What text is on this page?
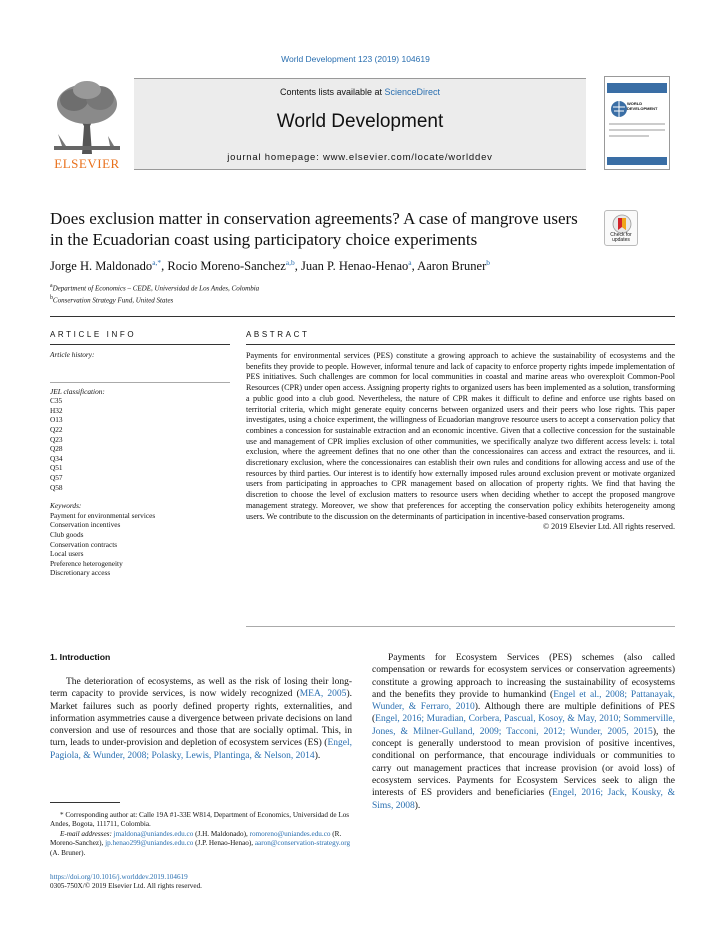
World Development 123 (2019) 104619
ELSEVIER
Contents lists available at ScienceDirect
World Development
journal homepage: www.elsevier.com/locate/worlddev
WORLD DEVELOPMENT
Does exclusion matter in conservation agreements? A case of mangrove users in the Ecuadorian coast using participatory choice experiments	Check for updates
Jorge H. Maldonado$^{a,*}$, Rocio Moreno-Sanchez$^{a,b}$, Juan P. Henao-Henao$^a$, Aaron Bruner$^b$
$^a$Department of Economics – CEDE, Universidad de Los Andes, Colombia
$^b$Conservation Strategy Fund, United States
ARTICLE INFO	ABSTRACT
Article history:
JEL classification:
C35
H32
O13
Q22
Q23
Q28
Q34
Q51
Q57
Q58
Keywords:
Payment for environmental services
Conservation incentives
Club goods
Conservation contracts
Local users
Preference heterogeneity
Discretionary access

Payments for environmental services (PES) constitute a growing approach to achieve the sustainability of ecosystems and the benefits they provide to people. However, informal tenure and lack of capacity to enforce property rights impede implementation of PES initiatives. Such challenges are common for local communities in coastal and marine areas who overexploit Common-Pool Resources (CPR) under open access. Assigning property rights to organized users has been implemented as a solution, transforming a public good into a club good. Nevertheless, the nature of CPR makes it difficult to define and enforce use rights based on territorial criteria, which might generate equity concerns between organized users and their peers who lose rights. This paper investigates, using a choice experiment, the willingness of Ecuadorian mangrove resource users to accept a conservation policy that combines a concession for sustainable extraction and an economic incentive. Given that a collective concession for the sustainable use and management of CPR implies exclusion of other communities, we specifically analyze two different access levels: i. total exclusion, where the agreement defines that no one other than the concessionaires can access and extract the resources, and ii. discretionary exclusion, where the concessionaires can establish their own rules and conditions for allowing access and use of the resources by third parties. Our interest is to identify how externally imposed rules around exclusion prevent or motivate organized users from participating in approaches to CPR management based on allocation of property rights. We find that having the discretion to choose the level of exclusion matters to resource users when deciding whether to accept the proposed mangrove management strategy. Moreover, we show that preferences for accepting the conservation policy exhibits heterogeneity among users. We contribute to the discussion on the determinants of participation in incentive-based conservation programs.

© 2019 Elsevier Ltd. All rights reserved.

1. Introduction

The deterioration of ecosystems, as well as the risk of losing their long-term capacity to provide services, is now widely recognized (MEA, 2005). Market failures such as poorly defined property rights, externalities, and information asymmetries cause a divergence between private decisions on land conversion and use of resources and those that are socially optimal. This, in turn, leads to under-provision and depletion of ecosystem services (ES) (Engel, Pagiola, & Wunder, 2008; Polasky, Lewis, Plantinga, & Nelson, 2014).

Payments for Ecosystem Services (PES) schemes (also called compensation or rewards for ecosystem services or conservation agreements) constitute a growing approach to increasing the sustainability of ecosystems and the benefits they provide to humankind (Engel et al., 2008; Pattanayak, Wunder, & Ferraro, 2010). Although there are multiple definitions of PES (Engel, 2016; Muradian, Corbera, Pascual, Kosoy, & May, 2010; Sommerville, Jones, & Milner-Gulland, 2009; Tacconi, 2012; Wunder, 2005, 2015), the concept is generally understood to mean provision of positive incentives, conditional on performance, that encourage individuals or communities to carry out management practices that increase provision (or avoid loss) of ecosystem services. Payments for Ecosystem Services seek to align the interests of ES providers and beneficiaries (Engel, 2016; Jack, Kousky, & Sims, 2008).

* Corresponding author at: Calle 19A #1-33E W814, Department of Economics, Universidad de Los Andes, Bogota, 111711, Colombia.
E-mail addresses: jmaldona@uniandes.edu.co (J.H. Maldonado), romoreno@uniandes.edu.co (R. Moreno-Sanchez), jp.henao299@uniandes.edu.co (J.P. Henao-Henao), aaron@conservation-strategy.org (A. Bruner).
https://doi.org/10.1016/j.worlddev.2019.104619
0305-750X/© 2019 Elsevier Ltd. All rights reserved.
